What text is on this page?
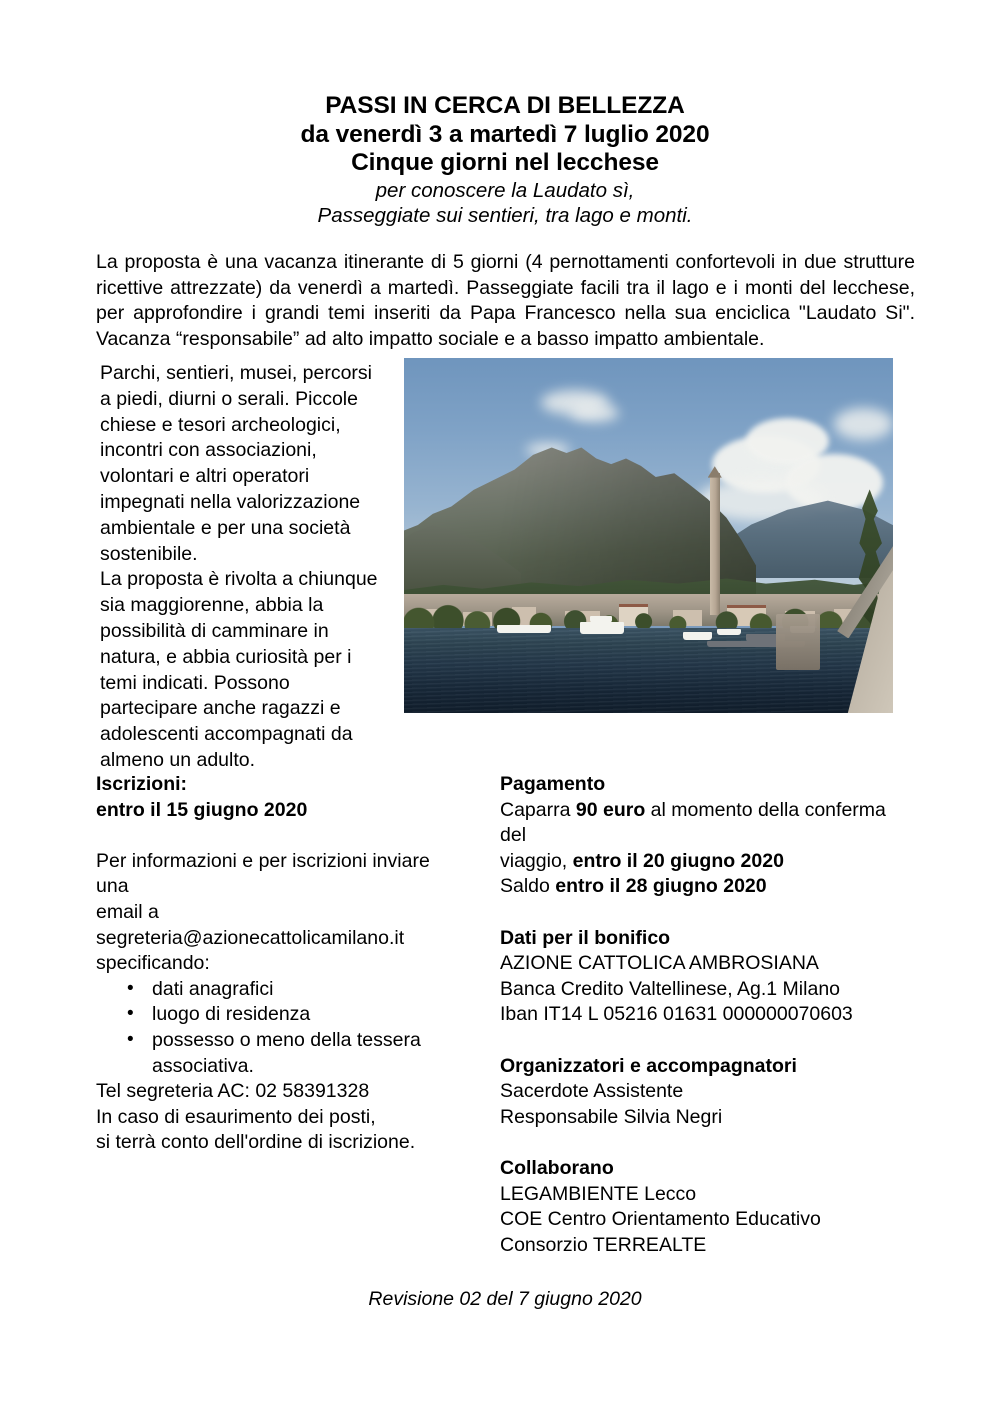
PASSI IN CERCA DI BELLEZZA
da venerdì 3 a martedì 7 luglio 2020
Cinque giorni nel lecchese
per conoscere la Laudato sì,
Passeggiate sui sentieri, tra lago e monti.
La proposta è una vacanza itinerante di 5 giorni (4 pernottamenti confortevoli in due strutture ricettive attrezzate) da venerdì a martedì. Passeggiate facili tra il lago e i monti del lecchese, per approfondire i grandi temi inseriti da Papa Francesco nella sua enciclica "Laudato Si". Vacanza “responsabile” ad alto impatto sociale e a basso impatto ambientale.
Parchi, sentieri, musei, percorsi a piedi, diurni o serali. Piccole chiese e tesori archeologici, incontri con associazioni, volontari e altri operatori impegnati nella valorizzazione ambientale e per una società sostenibile.
La proposta è rivolta a chiunque sia maggiorenne, abbia la possibilità di camminare in natura, e abbia curiosità per i temi indicati. Possono partecipare anche ragazzi e adolescenti accompagnati da almeno un adulto.
Iscrizioni:
entro il 15 giugno 2020
Per informazioni e per iscrizioni inviare una
email a segreteria@azionecattolicamilano.it
specificando:
• dati anagrafici
• luogo di residenza
• possesso o meno della tessera associativa.
Tel segreteria AC: 02 58391328
In caso di esaurimento dei posti,
si terrà conto dell'ordine di iscrizione.
Pagamento
Caparra 90 euro al momento della conferma del
viaggio, entro il 20 giugno 2020
Saldo entro il 28 giugno 2020
Dati per il bonifico
AZIONE CATTOLICA AMBROSIANA
Banca Credito Valtellinese, Ag.1 Milano
Iban IT14 L 05216 01631 000000070603
Organizzatori e accompagnatori
Sacerdote Assistente
Responsabile Silvia Negri
Collaborano
LEGAMBIENTE Lecco
COE Centro Orientamento Educativo
Consorzio TERREALTE
Revisione 02 del 7 giugno 2020
